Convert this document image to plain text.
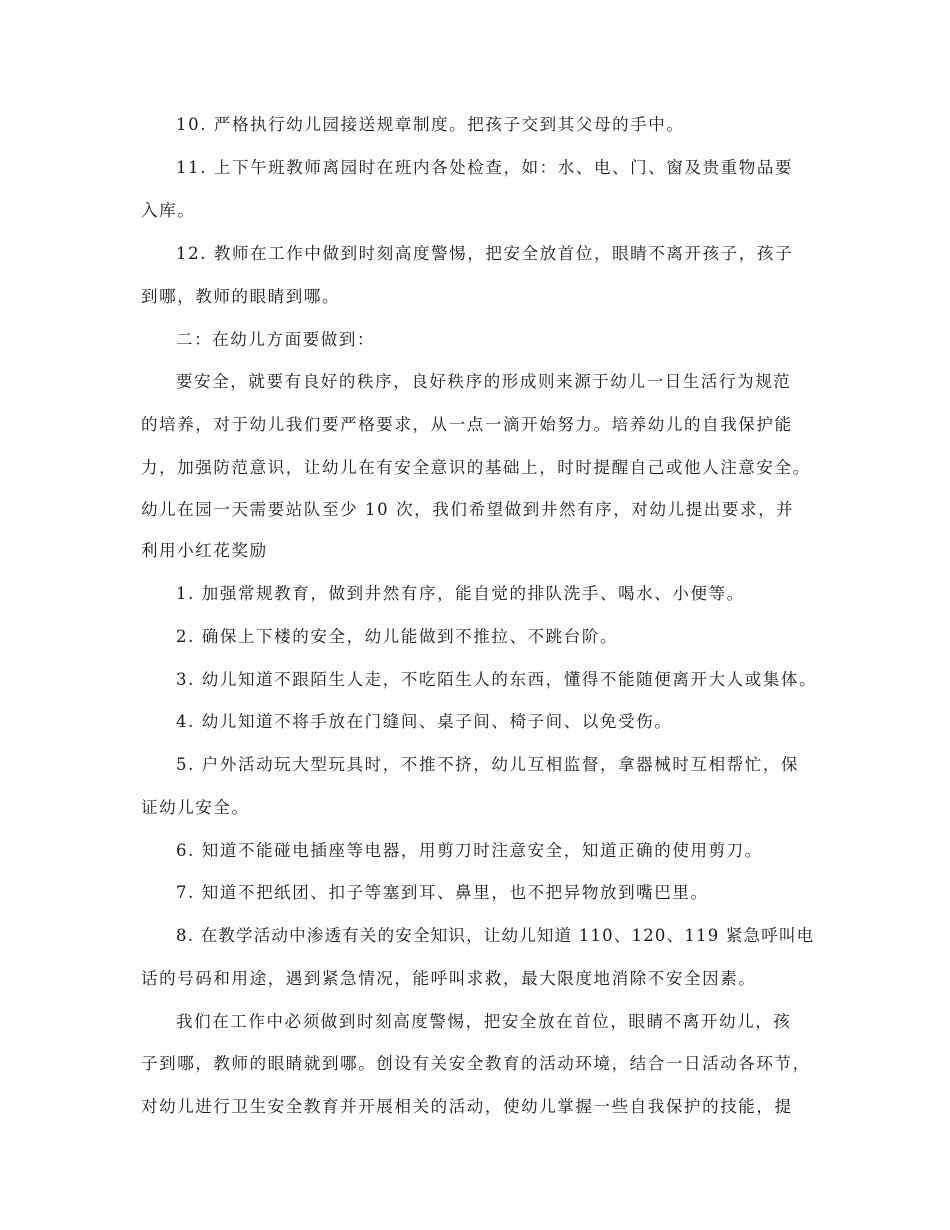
10. 严格执行幼儿园接送规章制度。把孩子交到其父母的手中。
11. 上下午班教师离园时在班内各处检查，如：水、电、门、窗及贵重物品要
入库。
12. 教师在工作中做到时刻高度警惕，把安全放首位，眼睛不离开孩子，孩子
到哪，教师的眼睛到哪。
二：在幼儿方面要做到：
要安全，就要有良好的秩序，良好秩序的形成则来源于幼儿一日生活行为规范
的培养，对于幼儿我们要严格要求，从一点一滴开始努力。培养幼儿的自我保护能
力，加强防范意识，让幼儿在有安全意识的基础上，时时提醒自己或他人注意安全。
幼儿在园一天需要站队至少 10 次，我们希望做到井然有序，对幼儿提出要求，并
利用小红花奖励
1. 加强常规教育，做到井然有序，能自觉的排队洗手、喝水、小便等。
2. 确保上下楼的安全，幼儿能做到不推拉、不跳台阶。
3. 幼儿知道不跟陌生人走，不吃陌生人的东西，懂得不能随便离开大人或集体。
4. 幼儿知道不将手放在门缝间、桌子间、椅子间、以免受伤。
5. 户外活动玩大型玩具时，不推不挤，幼儿互相监督，拿器械时互相帮忙，保
证幼儿安全。
6. 知道不能碰电插座等电器，用剪刀时注意安全，知道正确的使用剪刀。
7. 知道不把纸团、扣子等塞到耳、鼻里，也不把异物放到嘴巴里。
8. 在教学活动中渗透有关的安全知识，让幼儿知道 110、120、119 紧急呼叫电
话的号码和用途，遇到紧急情况，能呼叫求救，最大限度地消除不安全因素。
我们在工作中必须做到时刻高度警惕，把安全放在首位，眼睛不离开幼儿，孩
子到哪，教师的眼睛就到哪。创设有关安全教育的活动环境，结合一日活动各环节，
对幼儿进行卫生安全教育并开展相关的活动，使幼儿掌握一些自我保护的技能，提
